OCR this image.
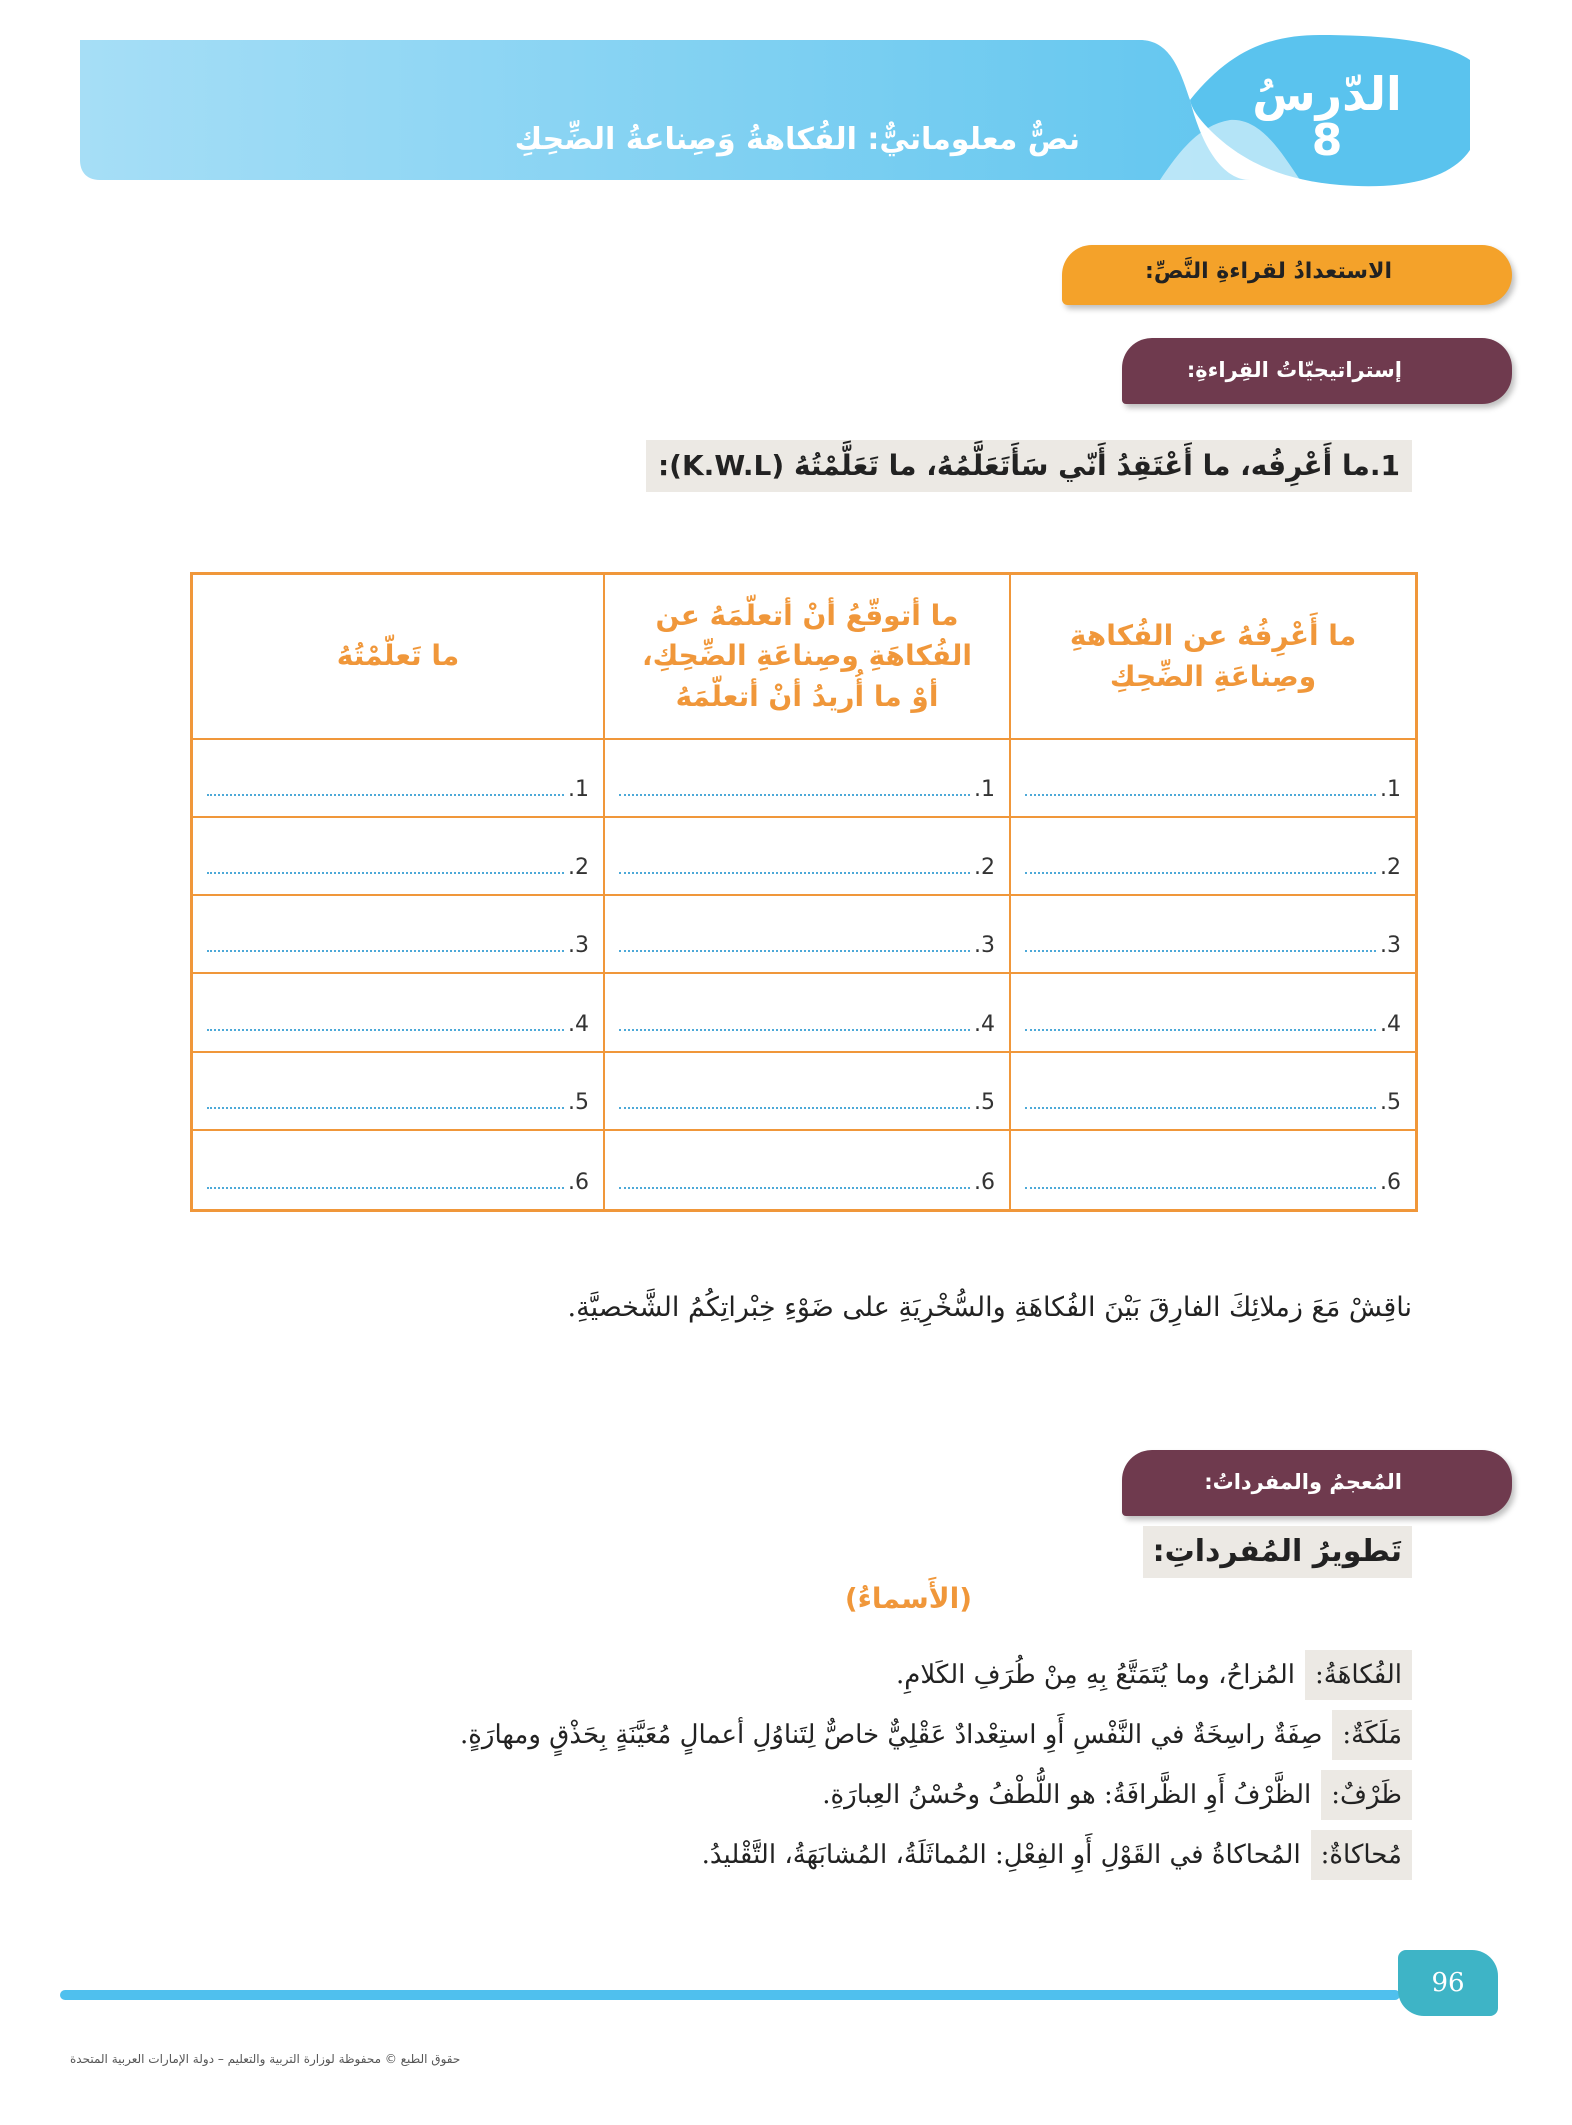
نصٌّ معلوماتيٌّ: الفُكاهةُ وَصِناعةُ الضِّحِكِ
الدّرسُ
8
الاستعدادُ لقراءةِ النَّصِّ:
إستراتيجيّاتُ القِراءةِ:
1.ما أَعْرِفُه، ما أَعْتَقِدُ أَنّي سَأَتَعَلَّمُهُ، ما تَعَلَّمْتُهُ (K.W.L):
ما أَعْرِفُهُ عن الفُكاهةِ وصِناعَةِ الضِّحِكِ
ما أتوقّعُ أنْ أتعلّمَهُ عن الفُكاهَةِ وصِناعَةِ الضِّحِكِ، أوْ ما أُريدُ أنْ أتعلّمَهُ
ما تَعلّمْتُهُ
1.
1.
1.
2.
2.
2.
3.
3.
3.
4.
4.
4.
5.
5.
5.
6.
6.
6.
ناقِشْ مَعَ زملائِكَ الفارِقَ بَيْنَ الفُكاهَةِ والسُّخْرِيَةِ على ضَوْءِ خِبْراتِكُمُ الشَّخصيَّةِ.
المُعجمُ والمفرداتُ:
تَطويرُ المُفرداتِ:
(الأَسماءُ)
الفُكاهَةُ:
المُزاحُ، وما يُتَمَتَّعُ بِهِ مِنْ طُرَفِ الكَلامِ.
مَلَكَةٌ:
صِفَةٌ راسِخَةٌ في النَّفْسِ أَوِ استِعْدادٌ عَقْلِيٌّ خاصٌّ لِتَناوُلِ أعمالٍ مُعَيَّنَةٍ بِحَذْقٍ ومهارَةٍ.
ظَرْفٌ:
الظَّرْفُ أَوِ الظَّرافَةُ: هو اللُّطْفُ وحُسْنُ العِبارَةِ.
مُحاكاةٌ:
المُحاكاةُ في القَوْلِ أَوِ الفِعْلِ: المُماثَلَةُ، المُشابَهَةُ، التَّقْليدُ.
96
حقوق الطبع © محفوظة لوزارة التربية والتعليم – دولة الإمارات العربية المتحدة
